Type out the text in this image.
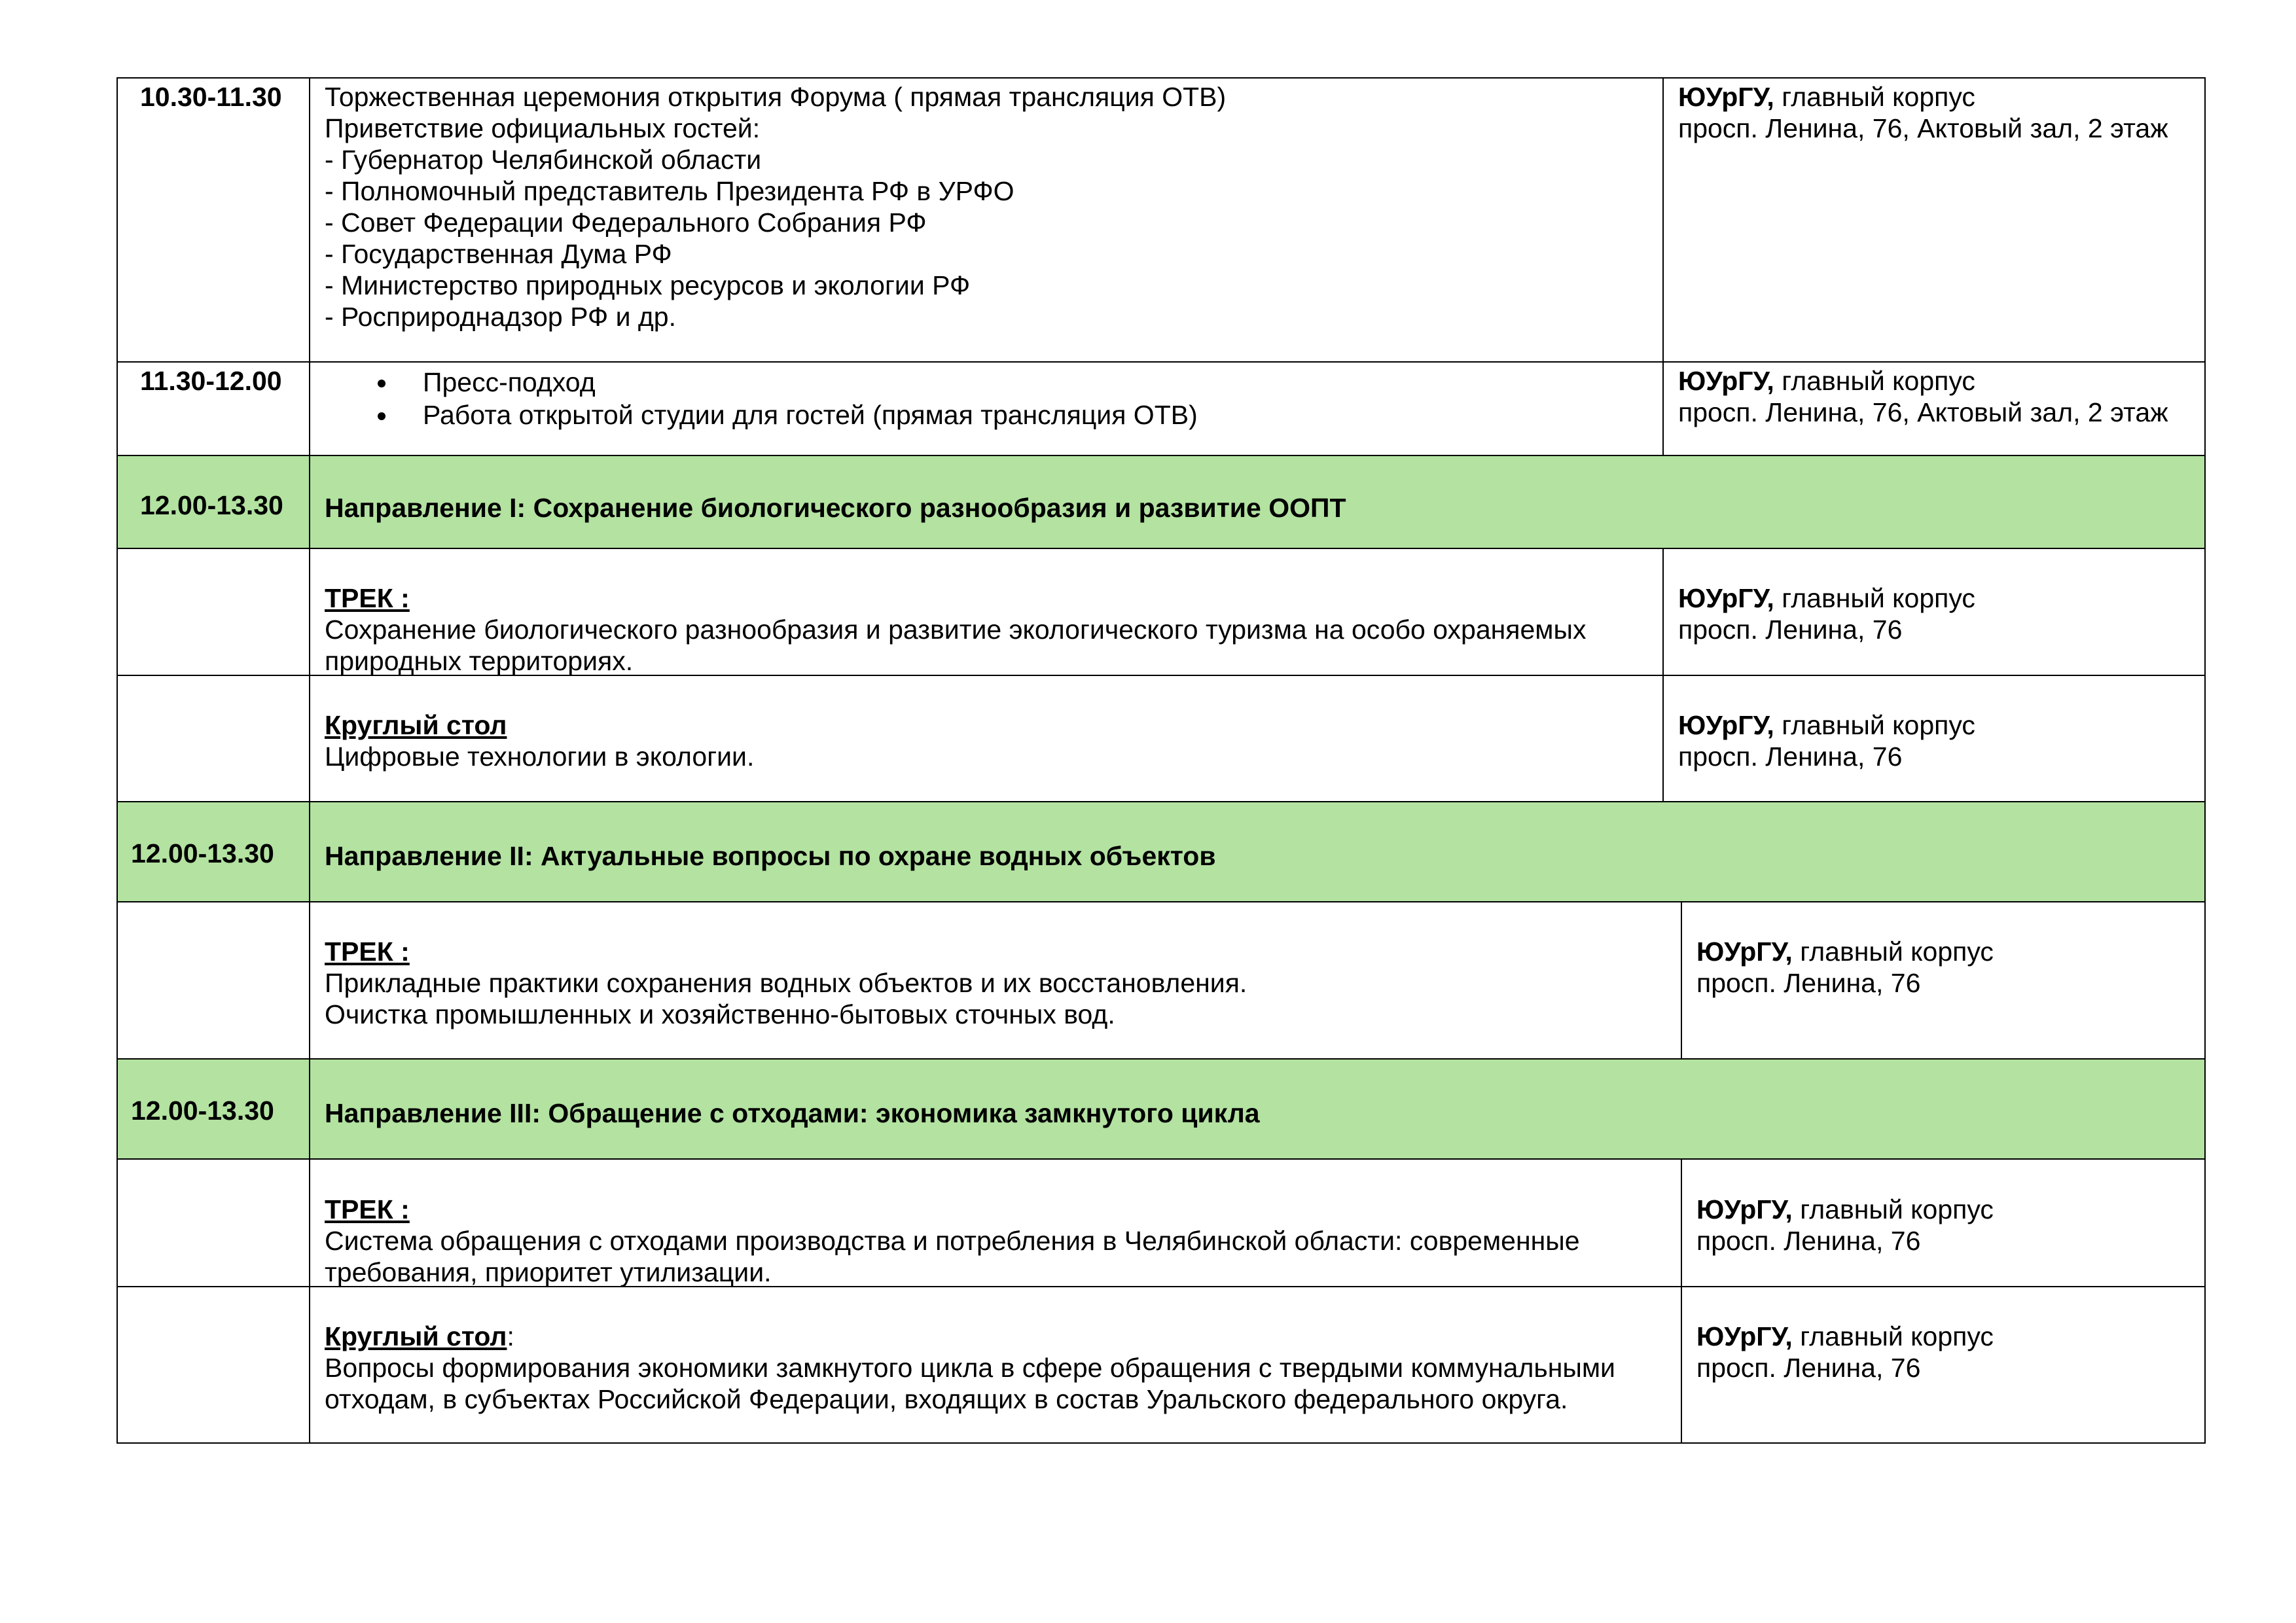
10.30-11.30 Торжественная церемония открытия Форума ( прямая трансляция ОТВ)
Приветствие официальных гостей:
- Губернатор Челябинской области
- Полномочный представитель Президента РФ в УРФО
- Совет Федерации Федерального Собрания РФ
- Государственная Дума РФ
- Министерство природных ресурсов и экологии РФ
- Росприроднадзор РФ и др.
ЮУрГУ, главный корпус
просп. Ленина, 76, Актовый зал, 2 этаж
11.30-12.00	Пресс-подход
Работа открытой студии для гостей (прямая трансляция ОТВ)
ЮУрГУ, главный корпус
просп. Ленина, 76, Актовый зал, 2 этаж
12.00-13.30 Направление I: Сохранение биологического разнообразия и развитие ООПТ
ТРЕК :
Сохранение биологического разнообразия и развитие экологического туризма на особо охраняемых
природных территориях.
ЮУрГУ, главный корпус
просп. Ленина, 76
Круглый стол
Цифровые технологии в экологии.
ЮУрГУ, главный корпус
просп. Ленина, 76
12.00-13.30 Направление II: Актуальные вопросы по охране водных объектов
ТРЕК :
Прикладные практики сохранения водных объектов и их восстановления.
Очистка промышленных и хозяйственно-бытовых сточных вод.
ЮУрГУ, главный корпус
просп. Ленина, 76
12.00-13.30 Направление III: Обращение с отходами: экономика замкнутого цикла
ТРЕК :
Система обращения с отходами производства и потребления в Челябинской области: современные
требования, приоритет утилизации.
ЮУрГУ, главный корпус
просп. Ленина, 76
Круглый стол:
Вопросы формирования экономики замкнутого цикла в сфере обращения с твердыми коммунальными
отходам, в субъектах Российской Федерации, входящих в состав Уральского федерального округа.
ЮУрГУ, главный корпус
просп. Ленина, 76
